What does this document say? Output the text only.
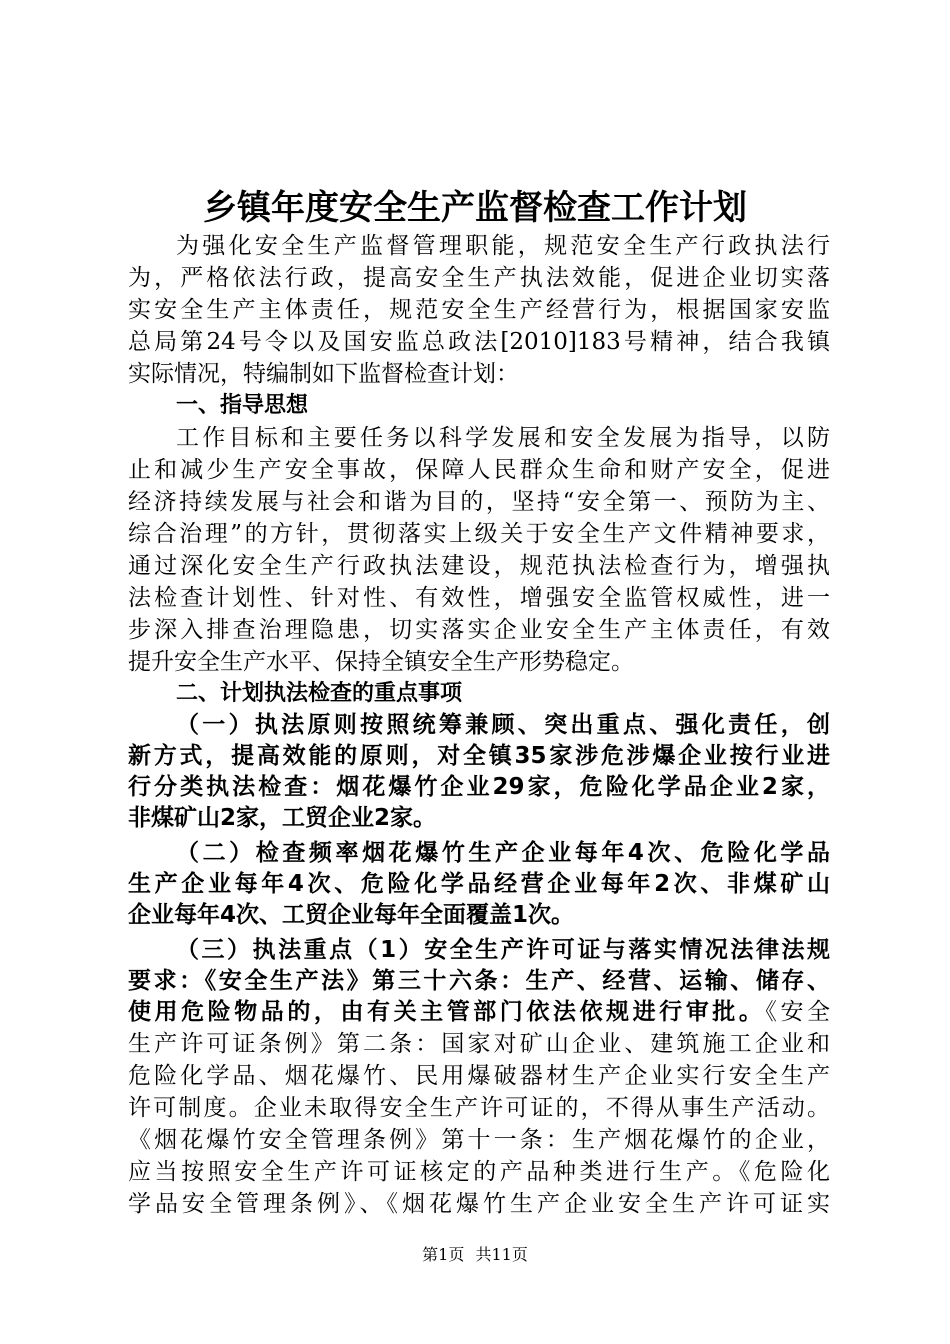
乡镇年度安全生产监督检查工作计划
为强化安全生产监督管理职能，规范安全生产行政执法行
为，严格依法行政，提高安全生产执法效能，促进企业切实落
实安全生产主体责任，规范安全生产经营行为，根据国家安监
总局第24号令以及国安监总政法[2010]183号精神，结合我镇
实际情况，特编制如下监督检查计划：
一、指导思想
工作目标和主要任务以科学发展和安全发展为指导，以防
止和减少生产安全事故，保障人民群众生命和财产安全，促进
经济持续发展与社会和谐为目的，坚持“安全第一、预防为主、
综合治理”的方针，贯彻落实上级关于安全生产文件精神要求，
通过深化安全生产行政执法建设，规范执法检查行为，增强执
法检查计划性、针对性、有效性，增强安全监管权威性，进一
步深入排查治理隐患，切实落实企业安全生产主体责任，有效
提升安全生产水平、保持全镇安全生产形势稳定。
二、计划执法检查的重点事项
（一）执法原则按照统筹兼顾、突出重点、强化责任，创
新方式，提高效能的原则，对全镇35家涉危涉爆企业按行业进
行分类执法检查：烟花爆竹企业29家，危险化学品企业2家，
非煤矿山2家，工贸企业2家。
（二）检查频率烟花爆竹生产企业每年4次、危险化学品
生产企业每年4次、危险化学品经营企业每年2次、非煤矿山
企业每年4次、工贸企业每年全面覆盖1次。
（三）执法重点（1）安全生产许可证与落实情况法律法规
要求：《安全生产法》第三十六条：生产、经营、运输、储存、
使用危险物品的，由有关主管部门依法依规进行审批。《安全
生产许可证条例》第二条：国家对矿山企业、建筑施工企业和
危险化学品、烟花爆竹、民用爆破器材生产企业实行安全生产
许可制度。企业未取得安全生产许可证的，不得从事生产活动。
《烟花爆竹安全管理条例》第十一条：生产烟花爆竹的企业，
应当按照安全生产许可证核定的产品种类进行生产。《危险化
学品安全管理条例》、《烟花爆竹生产企业安全生产许可证实
第1页 共11页
